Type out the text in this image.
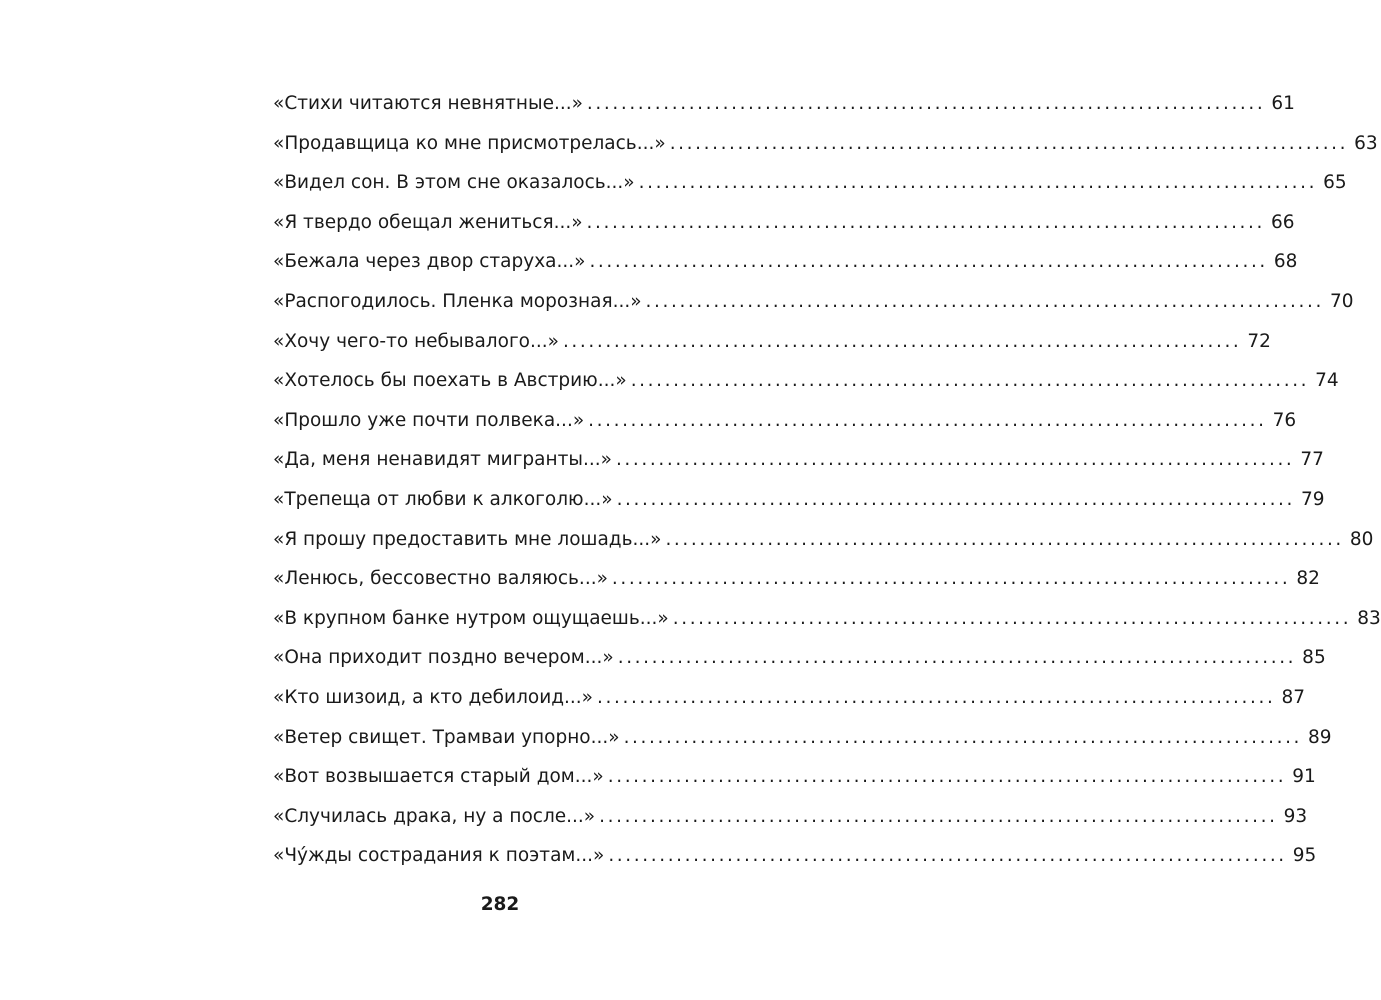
«Стихи читаются невнятные...» ................................................................................ 61
«Продавщица ко мне присмотрелась...» ................................................................................ 63
«Видел сон. В этом сне оказалось...» ................................................................................ 65
«Я твердо обещал жениться...» ................................................................................ 66
«Бежала через двор старуха...» ................................................................................ 68
«Распогодилось. Пленка морозная...» ................................................................................ 70
«Хочу чего-то небывалого...» ................................................................................ 72
«Хотелось бы поехать в Австрию...» ................................................................................ 74
«Прошло уже почти полвека...» ................................................................................ 76
«Да, меня ненавидят мигранты...» ................................................................................ 77
«Трепеща от любви к алкоголю...» ................................................................................ 79
«Я прошу предоставить мне лошадь...» ................................................................................ 80
«Ленюсь, бессовестно валяюсь...» ................................................................................ 82
«В крупном банке нутром ощущаешь...» ................................................................................ 83
«Она приходит поздно вечером...» ................................................................................ 85
«Кто шизоид, а кто дебилоид...» ................................................................................ 87
«Ветер свищет. Трамваи упорно...» ................................................................................ 89
«Вот возвышается старый дом...» ................................................................................ 91
«Случилась драка, ну а после...» ................................................................................ 93
«Чу́жды сострадания к поэтам...» ................................................................................ 95
282
